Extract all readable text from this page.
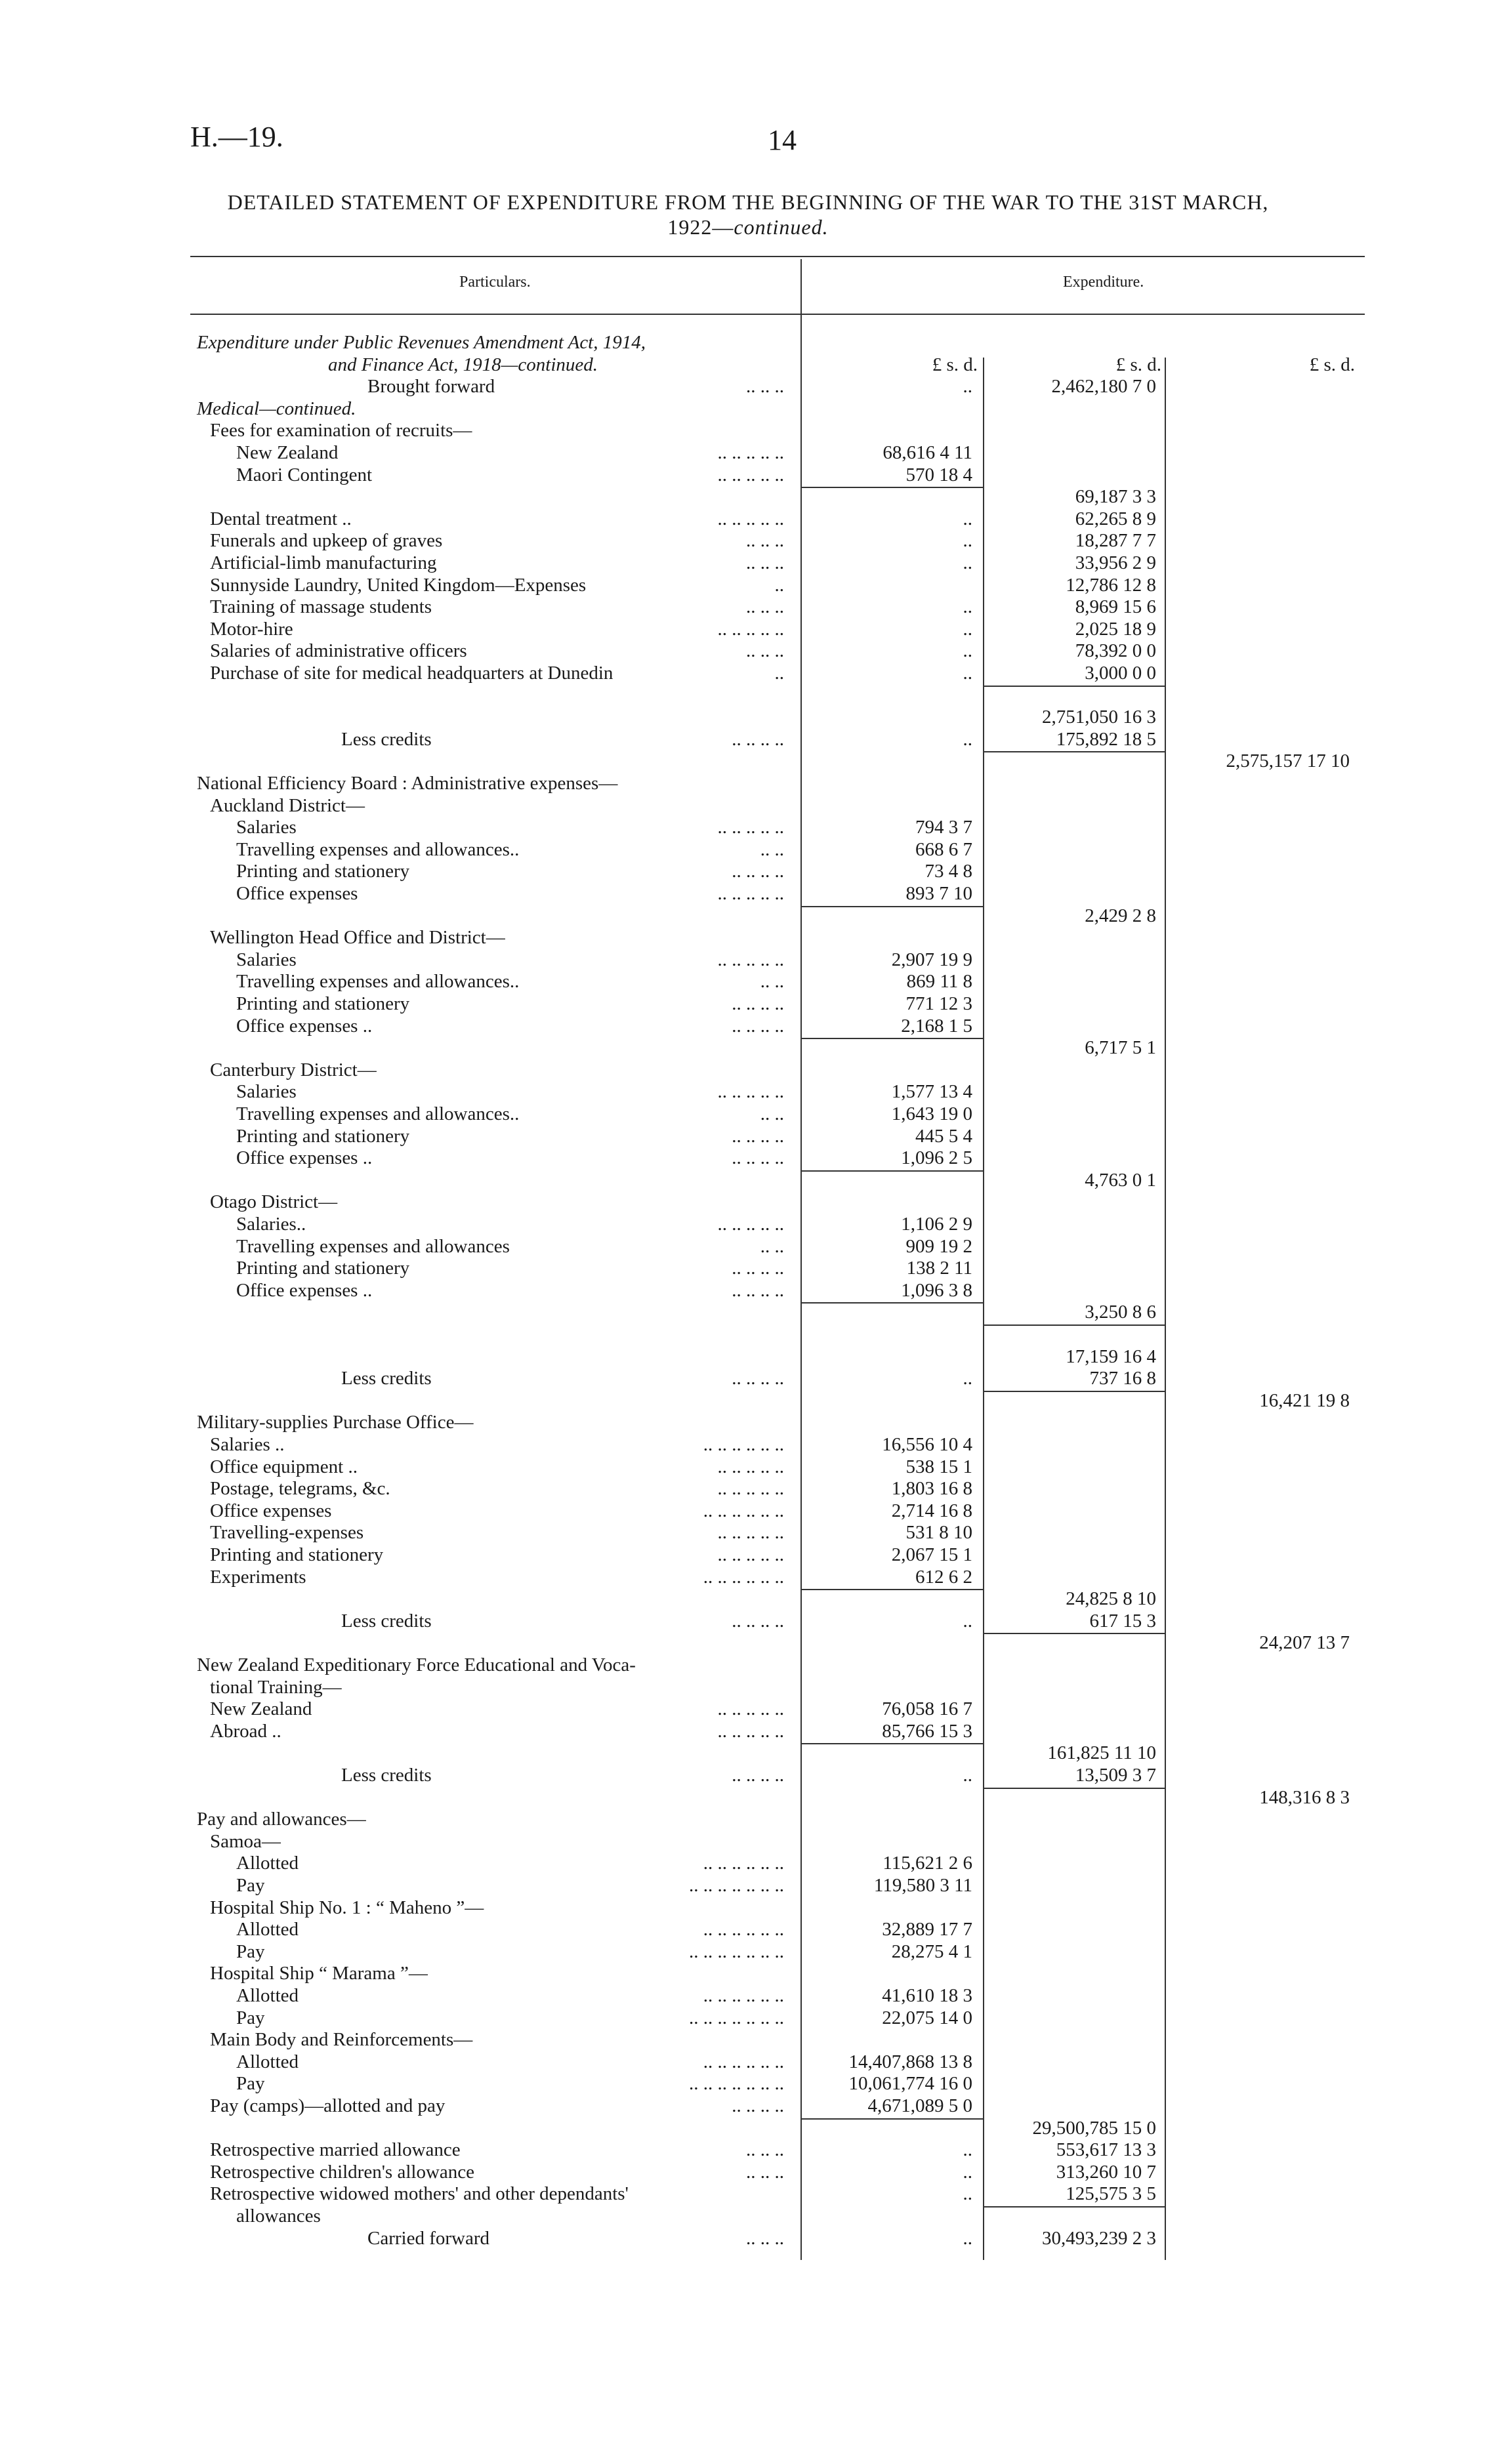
H.—19.	14
DETAILED STATEMENT OF EXPENDITURE FROM THE BEGINNING OF THE WAR TO THE 31ST MARCH,
1922—continued.
Particulars.	Expenditure.
Expenditure under Public Revenues Amendment Act, 1914,
and Finance Act, 1918—continued.	£ s. d.	£ s. d.	£ s. d.
Brought forward	.. .. ..	..	2,462,180 7 0
Medical—continued.
Fees for examination of recruits—
New Zealand	.. .. .. .. ..	68,616 4 11
Maori Contingent	.. .. .. .. ..	570 18 4
69,187 3 3
Dental treatment ..	.. .. .. .. ..	..	62,265 8 9
Funerals and upkeep of graves	.. .. ..	..	18,287 7 7
Artificial-limb manufacturing	.. .. ..	..	33,956 2 9
Sunnyside Laundry, United Kingdom—Expenses	..	12,786 12 8
Training of massage students	.. .. ..	..	8,969 15 6
Motor-hire	.. .. .. .. ..	..	2,025 18 9
Salaries of administrative officers	.. .. ..	..	78,392 0 0
Purchase of site for medical headquarters at Dunedin	..	..	3,000 0 0
2,751,050 16 3
Less credits	.. .. .. ..	..	175,892 18 5
2,575,157 17 10
National Efficiency Board : Administrative expenses—
Auckland District—
Salaries	.. .. .. .. ..	794 3 7
Travelling expenses and allowances..	.. ..	668 6 7
Printing and stationery	.. .. .. ..	73 4 8
Office expenses	.. .. .. .. ..	893 7 10
2,429 2 8
Wellington Head Office and District—
Salaries	.. .. .. .. ..	2,907 19 9
Travelling expenses and allowances..	.. ..	869 11 8
Printing and stationery	.. .. .. ..	771 12 3
Office expenses ..	.. .. .. ..	2,168 1 5
6,717 5 1
Canterbury District—
Salaries	.. .. .. .. ..	1,577 13 4
Travelling expenses and allowances..	.. ..	1,643 19 0
Printing and stationery	.. .. .. ..	445 5 4
Office expenses ..	.. .. .. ..	1,096 2 5
4,763 0 1
Otago District—
Salaries..	.. .. .. .. ..	1,106 2 9
Travelling expenses and allowances	.. ..	909 19 2
Printing and stationery	.. .. .. ..	138 2 11
Office expenses ..	.. .. .. ..	1,096 3 8
3,250 8 6
17,159 16 4
Less credits	.. .. .. ..	..	737 16 8
16,421 19 8
Military-supplies Purchase Office—
Salaries ..	.. .. .. .. .. ..	16,556 10 4
Office equipment ..	.. .. .. .. ..	538 15 1
Postage, telegrams, &c.	.. .. .. .. ..	1,803 16 8
Office expenses	.. .. .. .. .. ..	2,714 16 8
Travelling-expenses	.. .. .. .. ..	531 8 10
Printing and stationery	.. .. .. .. ..	2,067 15 1
Experiments	.. .. .. .. .. ..	612 6 2
24,825 8 10
Less credits	.. .. .. ..	..	617 15 3
24,207 13 7
New Zealand Expeditionary Force Educational and Voca-
tional Training—
New Zealand	.. .. .. .. ..	76,058 16 7
Abroad ..	.. .. .. .. ..	85,766 15 3
161,825 11 10
Less credits	.. .. .. ..	..	13,509 3 7
148,316 8 3
Pay and allowances—
Samoa—
Allotted	.. .. .. .. .. ..	115,621 2 6
Pay	.. .. .. .. .. .. ..	119,580 3 11
Hospital Ship No. 1 : “ Maheno ”—
Allotted	.. .. .. .. .. ..	32,889 17 7
Pay	.. .. .. .. .. .. ..	28,275 4 1
Hospital Ship “ Marama ”—
Allotted	.. .. .. .. .. ..	41,610 18 3
Pay	.. .. .. .. .. .. ..	22,075 14 0
Main Body and Reinforcements—
Allotted	.. .. .. .. .. ..	14,407,868 13 8
Pay	.. .. .. .. .. .. ..	10,061,774 16 0
Pay (camps)—allotted and pay	.. .. .. ..	4,671,089 5 0
29,500,785 15 0
Retrospective married allowance	.. .. ..	..	553,617 13 3
Retrospective children's allowance	.. .. ..	..	313,260 10 7
Retrospective widowed mothers' and other dependants'	..	125,575 3 5
allowances
Carried forward	.. .. ..	..	30,493,239 2 3
